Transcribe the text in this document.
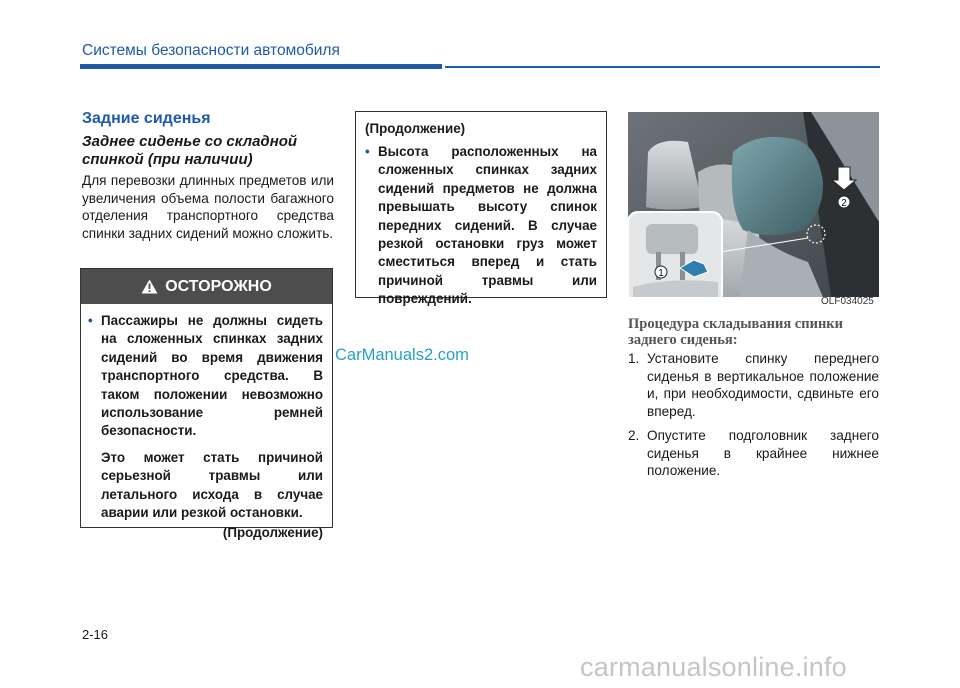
Системы безопасности автомобиля
Задние сиденья
Заднее сиденье со складной спинкой (при наличии)
Для перевозки длинных предметов или увеличения объема полости багажного отделения транспортного средства спинки задних сидений можно сложить.
ОСТОРОЖНО
• Пассажиры не должны сидеть на сложенных спинках задних сидений во время движения транспортного средства. В таком положении невозможно использование ремней безопасности.
Это может стать причиной серьезной травмы или летального исхода в случае аварии или резкой остановки.
(Продолжение)
(Продолжение)
• Высота расположенных на сложенных спинках задних сидений предметов не должна превышать высоту спинок передних сидений. В случае резкой остановки груз может сместиться вперед и стать причиной травмы или повреждений.
CarManuals2.com
2
1
OLF034025
Процедура складывания спинки заднего сиденья:
1. Установите спинку переднего сиденья в вертикальное положение и, при необходимости, сдвиньте его вперед.
2. Опустите подголовник заднего сиденья в крайнее нижнее положение.
2-16
carmanualsonline.info
